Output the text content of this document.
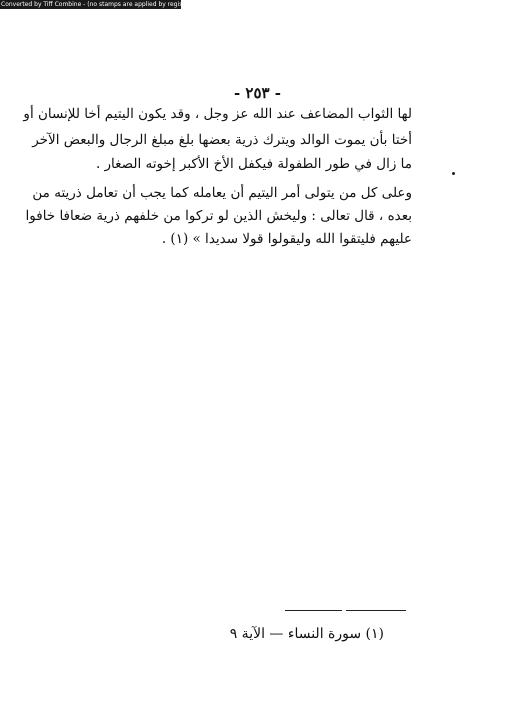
Converted by Tiff Combine - (no stamps are applied by registered version)
- ٢٥٣ -
لها الثواب المضاعف عند الله عز وجل ، وقد يكون اليتيم أخا للإنسان أو
أختا بأن يموت الوالد ويترك ذرية بعضها بلغ مبلغ الرجال والبعض الآخر
ما زال في طور الطفولة فيكفل الأخ الأكبر إخوته الصغار .
وعلى كل من يتولى أمر اليتيم أن يعامله كما يجب أن تعامل ذريته من
بعده ، قال تعالى : ولیخش الذين لو تركوا من خلفهم ذرية ضعافا خافوا
عليهم فليتقوا الله وليقولوا قولا سديدا » (١) .
(١) سورة النساء — الآية ٩
